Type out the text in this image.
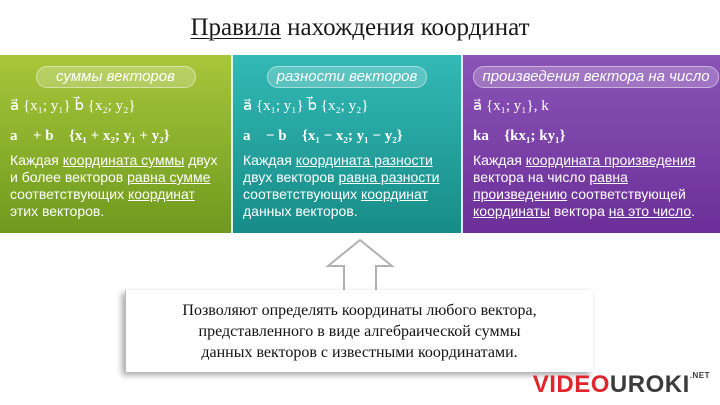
Правила нахождения координат
суммы векторов
a⃗ {x₁; y₁} b⃗ {x₂; y₂}
a⃗ + b⃗ {x₁ + x₂; y₁ + y₂}
Каждая координата суммы двух и более векторов равна сумме соответствующих координат этих векторов.
разности векторов
a⃗ {x₁; y₁} b⃗ {x₂; y₂}
a⃗ − b⃗ {x₁ − x₂; y₁ − y₂}
Каждая координата разности двух векторов равна разности соответствующих координат данных векторов.
произведения вектора на число
a⃗ {x₁; y₁}, k
ka⃗ {kx₁; ky₁}
Каждая координата произведения вектора на число равна произведению соответствующей координаты вектора на это число.
Позволяют определять координаты любого вектора,
представленного в виде алгебраической суммы
данных векторов с известными координатами.
$VIDEOUROKI^{.NET}$
